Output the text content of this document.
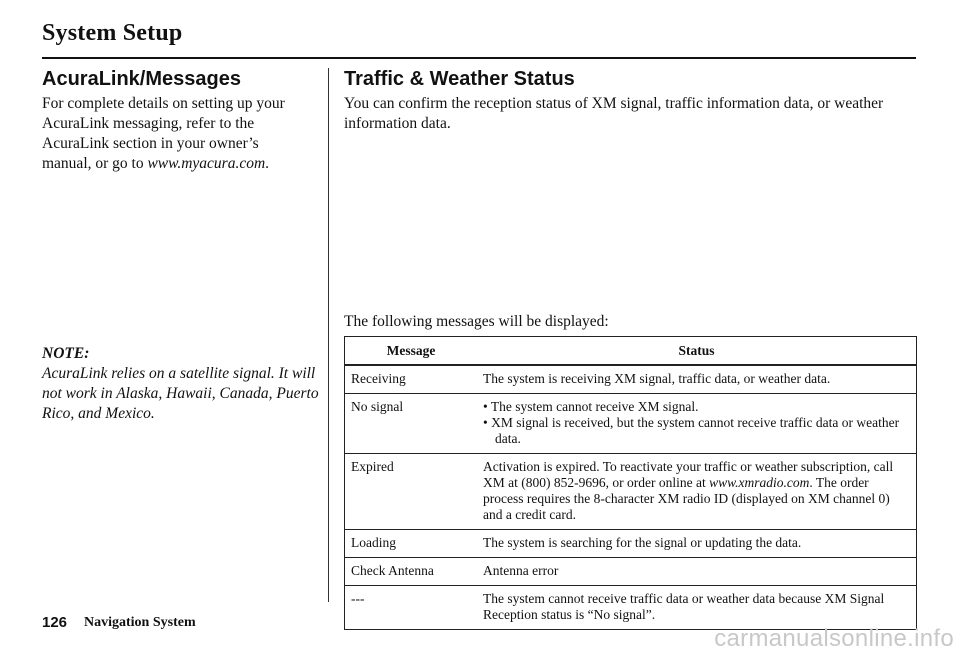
System Setup
AcuraLink/Messages
For complete details on setting up your AcuraLink messaging, refer to the AcuraLink section in your owner’s manual, or go to www.myacura.com.
NOTE:
AcuraLink relies on a satellite signal. It will not work in Alaska, Hawaii, Canada, Puerto Rico, and Mexico.
Traffic & Weather Status
You can confirm the reception status of XM signal, traffic information data, or weather information data.
The following messages will be displayed:
Message	Status
Receiving	The system is receiving XM signal, traffic data, or weather data.
No signal	• The system cannot receive XM signal.
• XM signal is received, but the system cannot receive traffic data or weather data.

Expired	Activation is expired. To reactivate your traffic or weather subscription, call XM at (800) 852-9696, or order online at www.xmradio.com. The order process requires the 8-character XM radio ID (displayed on XM channel 0) and a credit card.
Loading	The system is searching for the signal or updating the data.
Check Antenna	Antenna error
---	The system cannot receive traffic data or weather data because XM Signal Reception status is “No signal”.
126 Navigation System
carmanualsonline.info
